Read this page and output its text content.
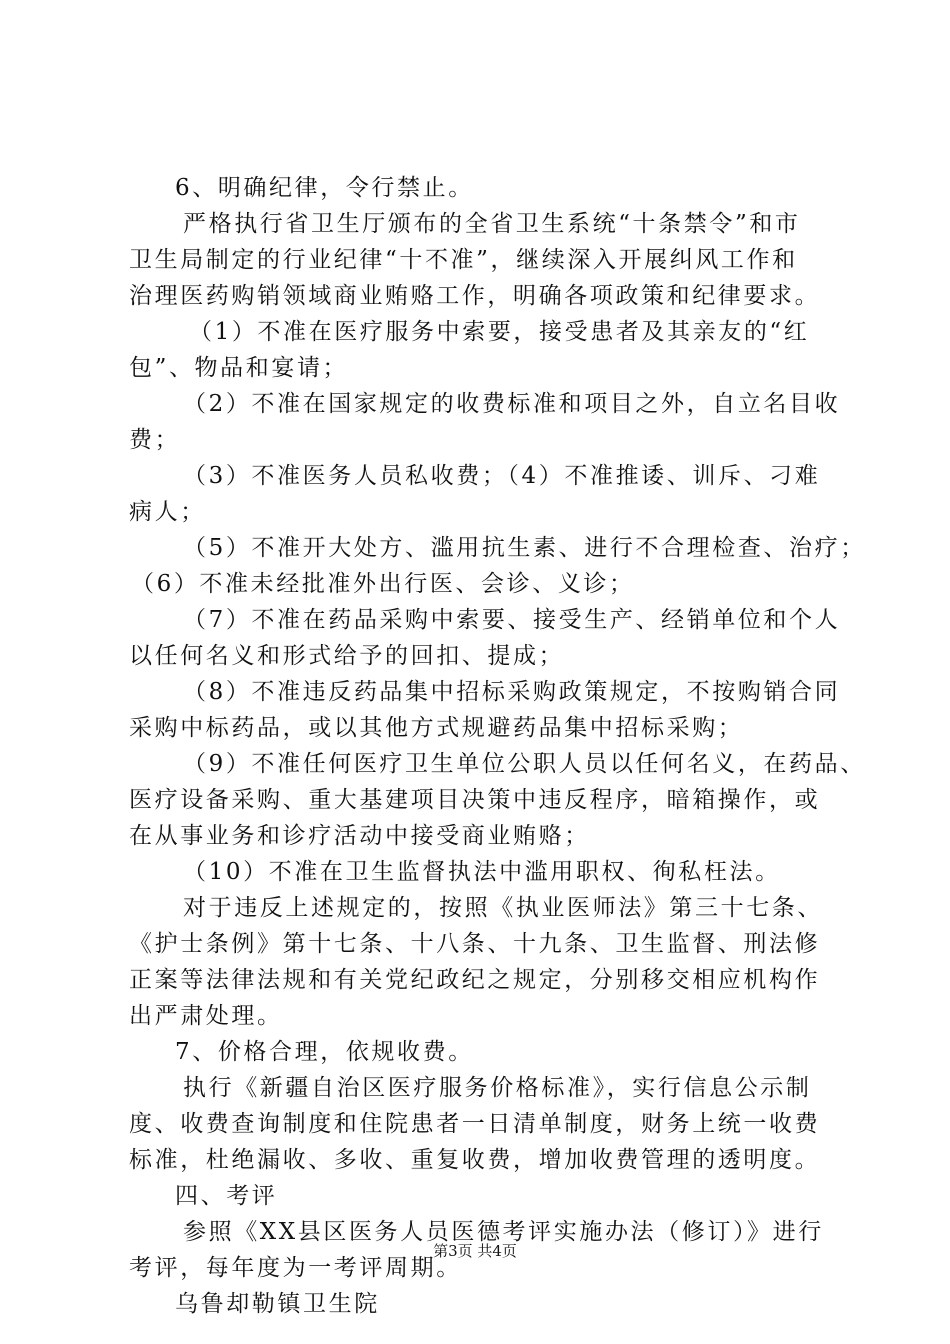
6、明确纪律，令行禁止。
严格执行省卫生厅颁布的全省卫生系统“十条禁令”和市
卫生局制定的行业纪律“十不准”，继续深入开展纠风工作和
治理医药购销领域商业贿赂工作，明确各项政策和纪律要求。
（1）不准在医疗服务中索要，接受患者及其亲友的“红
包”、物品和宴请；
（2）不准在国家规定的收费标准和项目之外，自立名目收
费；
（3）不准医务人员私收费；（4）不准推诿、训斥、刁难
病人；
（5）不准开大处方、滥用抗生素、进行不合理检查、治疗；
（6）不准未经批准外出行医、会诊、义诊；
（7）不准在药品采购中索要、接受生产、经销单位和个人
以任何名义和形式给予的回扣、提成；
（8）不准违反药品集中招标采购政策规定，不按购销合同
采购中标药品，或以其他方式规避药品集中招标采购；
（9）不准任何医疗卫生单位公职人员以任何名义，在药品、
医疗设备采购、重大基建项目决策中违反程序，暗箱操作，或
在从事业务和诊疗活动中接受商业贿赂；
（10）不准在卫生监督执法中滥用职权、徇私枉法。
对于违反上述规定的，按照《执业医师法》第三十七条、
《护士条例》第十七条、十八条、十九条、卫生监督、刑法修
正案等法律法规和有关党纪政纪之规定，分别移交相应机构作
出严肃处理。
7、价格合理，依规收费。
执行《新疆自治区医疗服务价格标准》，实行信息公示制
度、收费查询制度和住院患者一日清单制度，财务上统一收费
标准，杜绝漏收、多收、重复收费，增加收费管理的透明度。
四、考评
参照《XX县区医务人员医德考评实施办法（修订）》进行
考评，每年度为一考评周期。
乌鲁却勒镇卫生院
第3页 共4页
